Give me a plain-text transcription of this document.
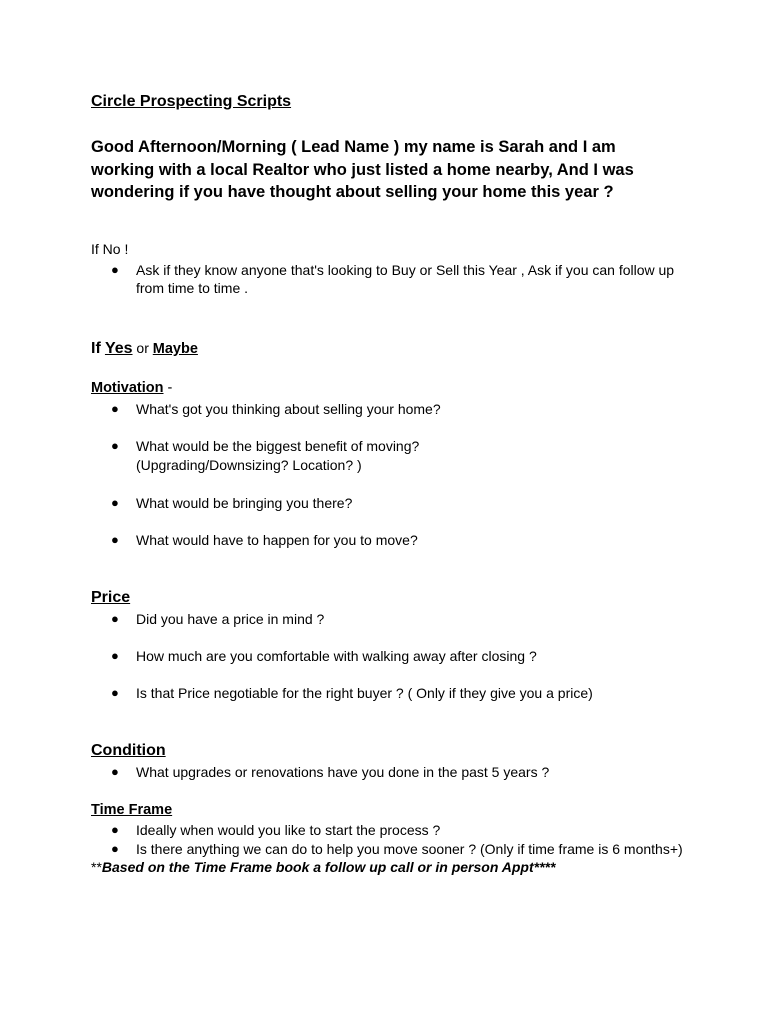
Circle Prospecting Scripts

Good Afternoon/Morning ( Lead Name ) my name is Sarah and I am
working with a local Realtor who just listed a home nearby, And I was
wondering if you have thought about selling your home this year ?

If No !

● Ask if they know anyone that's looking to Buy or Sell this Year , Ask if you can follow up
from time to time .

If Yes or Maybe

Motivation -

● What's got you thinking about selling your home?
● What would be the biggest benefit of moving?
(Upgrading/Downsizing? Location? )
● What would be bringing you there?
● What would have to happen for you to move?

Price

● Did you have a price in mind ?
● How much are you comfortable with walking away after closing ?
● Is that Price negotiable for the right buyer ? ( Only if they give you a price)

Condition

● What upgrades or renovations have you done in the past 5 years ?

Time Frame

● Ideally when would you like to start the process ?
● Is there anything we can do to help you move sooner ? (Only if time frame is 6 months+)

**Based on the Time Frame book a follow up call or in person Appt****
